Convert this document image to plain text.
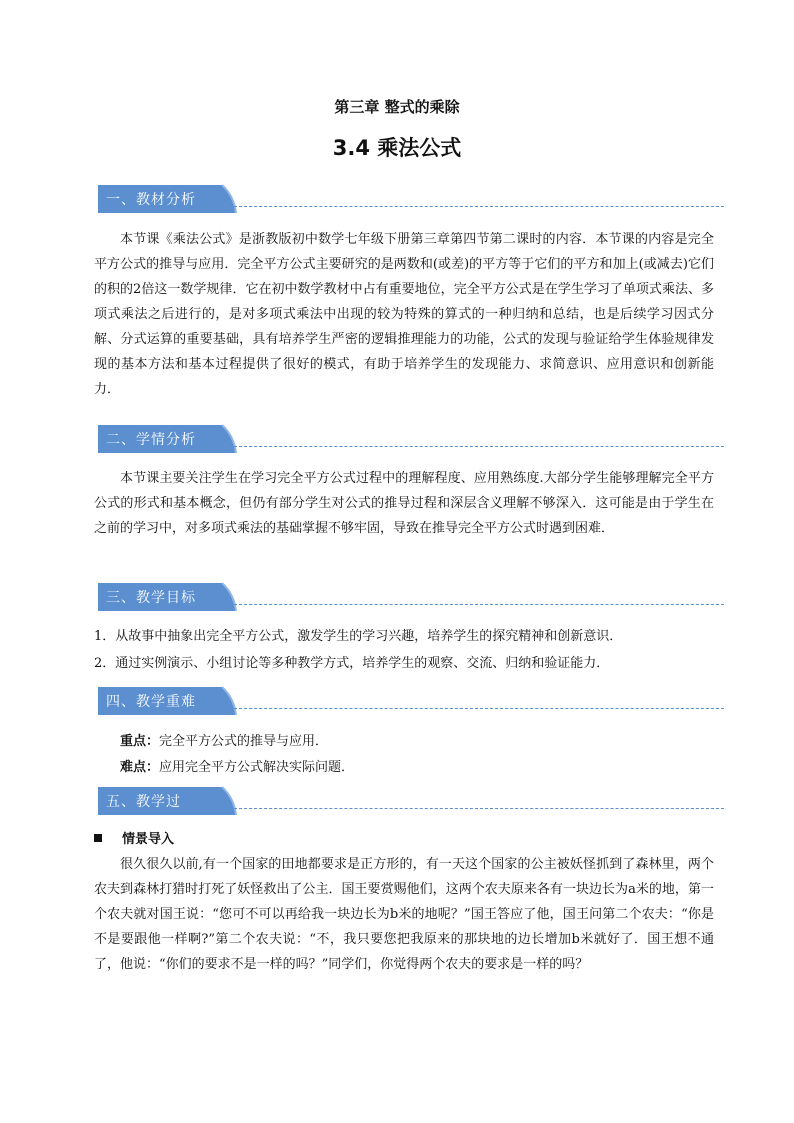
第三章 整式的乘除
3.4 乘法公式
一、教材分析
本节课《乘法公式》是浙教版初中数学七年级下册第三章第四节第二课时的内容．本节课的内容是完全平方公式的推导与应用．完全平方公式主要研究的是两数和(或差)的平方等于它们的平方和加上(或减去)它们的积的2倍这一数学规律．它在初中数学教材中占有重要地位，完全平方公式是在学生学习了单项式乘法、多项式乘法之后进行的，是对多项式乘法中出现的较为特殊的算式的一种归纳和总结，也是后续学习因式分解、分式运算的重要基础，具有培养学生严密的逻辑推理能力的功能，公式的发现与验证给学生体验规律发现的基本方法和基本过程提供了很好的模式，有助于培养学生的发现能力、求简意识、应用意识和创新能力．
二、学情分析
本节课主要关注学生在学习完全平方公式过程中的理解程度、应用熟练度.大部分学生能够理解完全平方公式的形式和基本概念，但仍有部分学生对公式的推导过程和深层含义理解不够深入．这可能是由于学生在之前的学习中，对多项式乘法的基础掌握不够牢固，导致在推导完全平方公式时遇到困难．
三、教学目标
1．从故事中抽象出完全平方公式，激发学生的学习兴趣，培养学生的探究精神和创新意识．
2．通过实例演示、小组讨论等多种教学方式，培养学生的观察、交流、归纳和验证能力．
四、教学重难
重点：完全平方公式的推导与应用．
难点：应用完全平方公式解决实际问题．
五、教学过
情景导入
很久很久以前,有一个国家的田地都要求是正方形的，有一天这个国家的公主被妖怪抓到了森林里，两个农夫到森林打猎时打死了妖怪救出了公主．国王要赏赐他们，这两个农夫原来各有一块边长为a米的地，第一个农夫就对国王说：“您可不可以再给我一块边长为b米的地呢？”国王答应了他，国王问第二个农夫：“你是不是要跟他一样啊?”第二个农夫说：“不，我只要您把我原来的那块地的边长增加b米就好了．国王想不通了，他说：“你们的要求不是一样的吗？”同学们，你觉得两个农夫的要求是一样的吗？
